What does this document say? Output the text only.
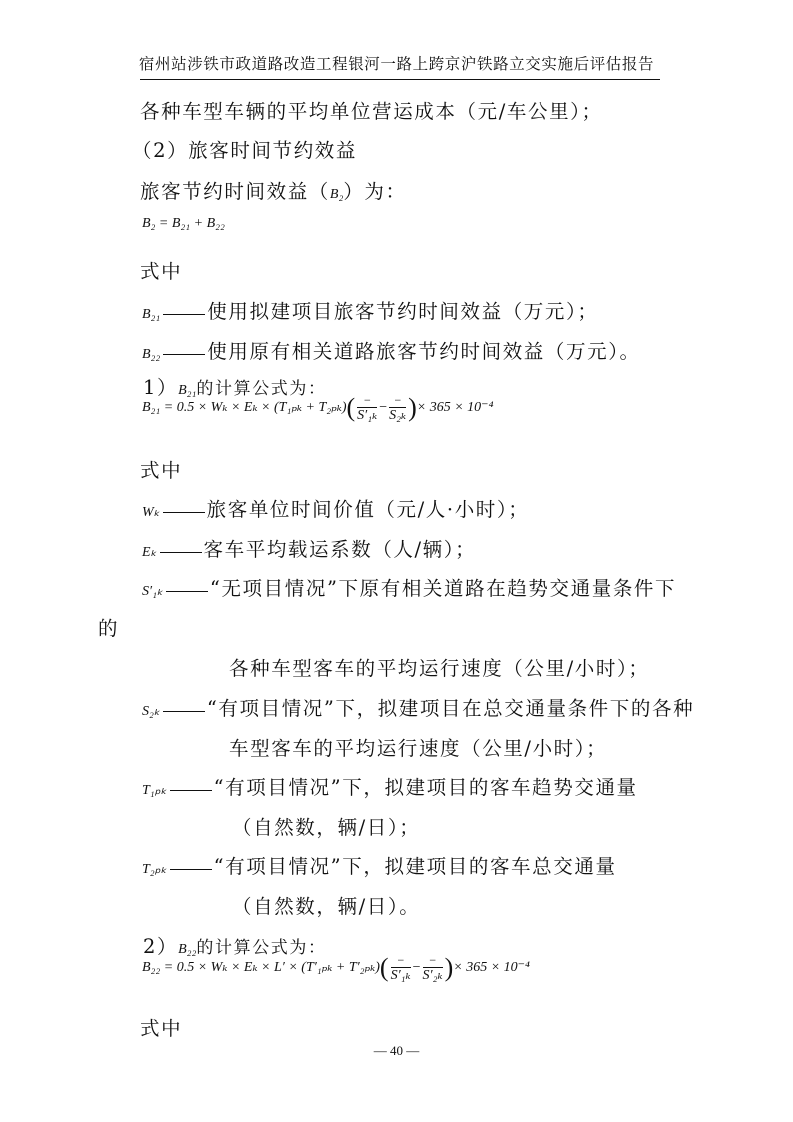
宿州站涉铁市政道路改造工程银河一路上跨京沪铁路立交实施后评估报告
各种车型车辆的平均单位营运成本（元/车公里）；
（2）旅客时间节约效益
旅客节约时间效益（B₂）为：
B₂ = B₂₁ + B₂₂
式中
B₂₁ 使用拟建项目旅客节约时间效益（万元）；
B₂₂ 使用原有相关道路旅客节约时间效益（万元）。
1）B₂₁的计算公式为：
$B_{21} = 0.5 \times W_k \times E_k \times (T_{1pk} + T_{2pk})( \frac{-}{\text{S′₁ₖ}} - \frac{-}{\text{S₂ₖ}}$ )× 365 × 10⁻⁴
式中
Wₖ 旅客单位时间价值（元/人·小时）；
Eₖ 客车平均载运系数（人/辆）；
S′₁ₖ “无项目情况”下原有相关道路在趋势交通量条件下
的
各种车型客车的平均运行速度（公里/小时）；
S₂ₖ “有项目情况”下，拟建项目在总交通量条件下的各种
车型客车的平均运行速度（公里/小时）；
T₁ₚₖ “有项目情况”下，拟建项目的客车趋势交通量
（自然数，辆/日）；
T₂ₚₖ “有项目情况”下，拟建项目的客车总交通量
（自然数，辆/日）。
2）B₂₂的计算公式为：
$B_{22} = 0.5 \times W_k \times E_k \times L' \times (T'_{1pk} + T'_{2pk})( \frac{-}{\text{S′₁ₖ}} - \frac{-}{\text{S′₂ₖ}}$ )× 365 × 10⁻⁴
式中
— 40 —
